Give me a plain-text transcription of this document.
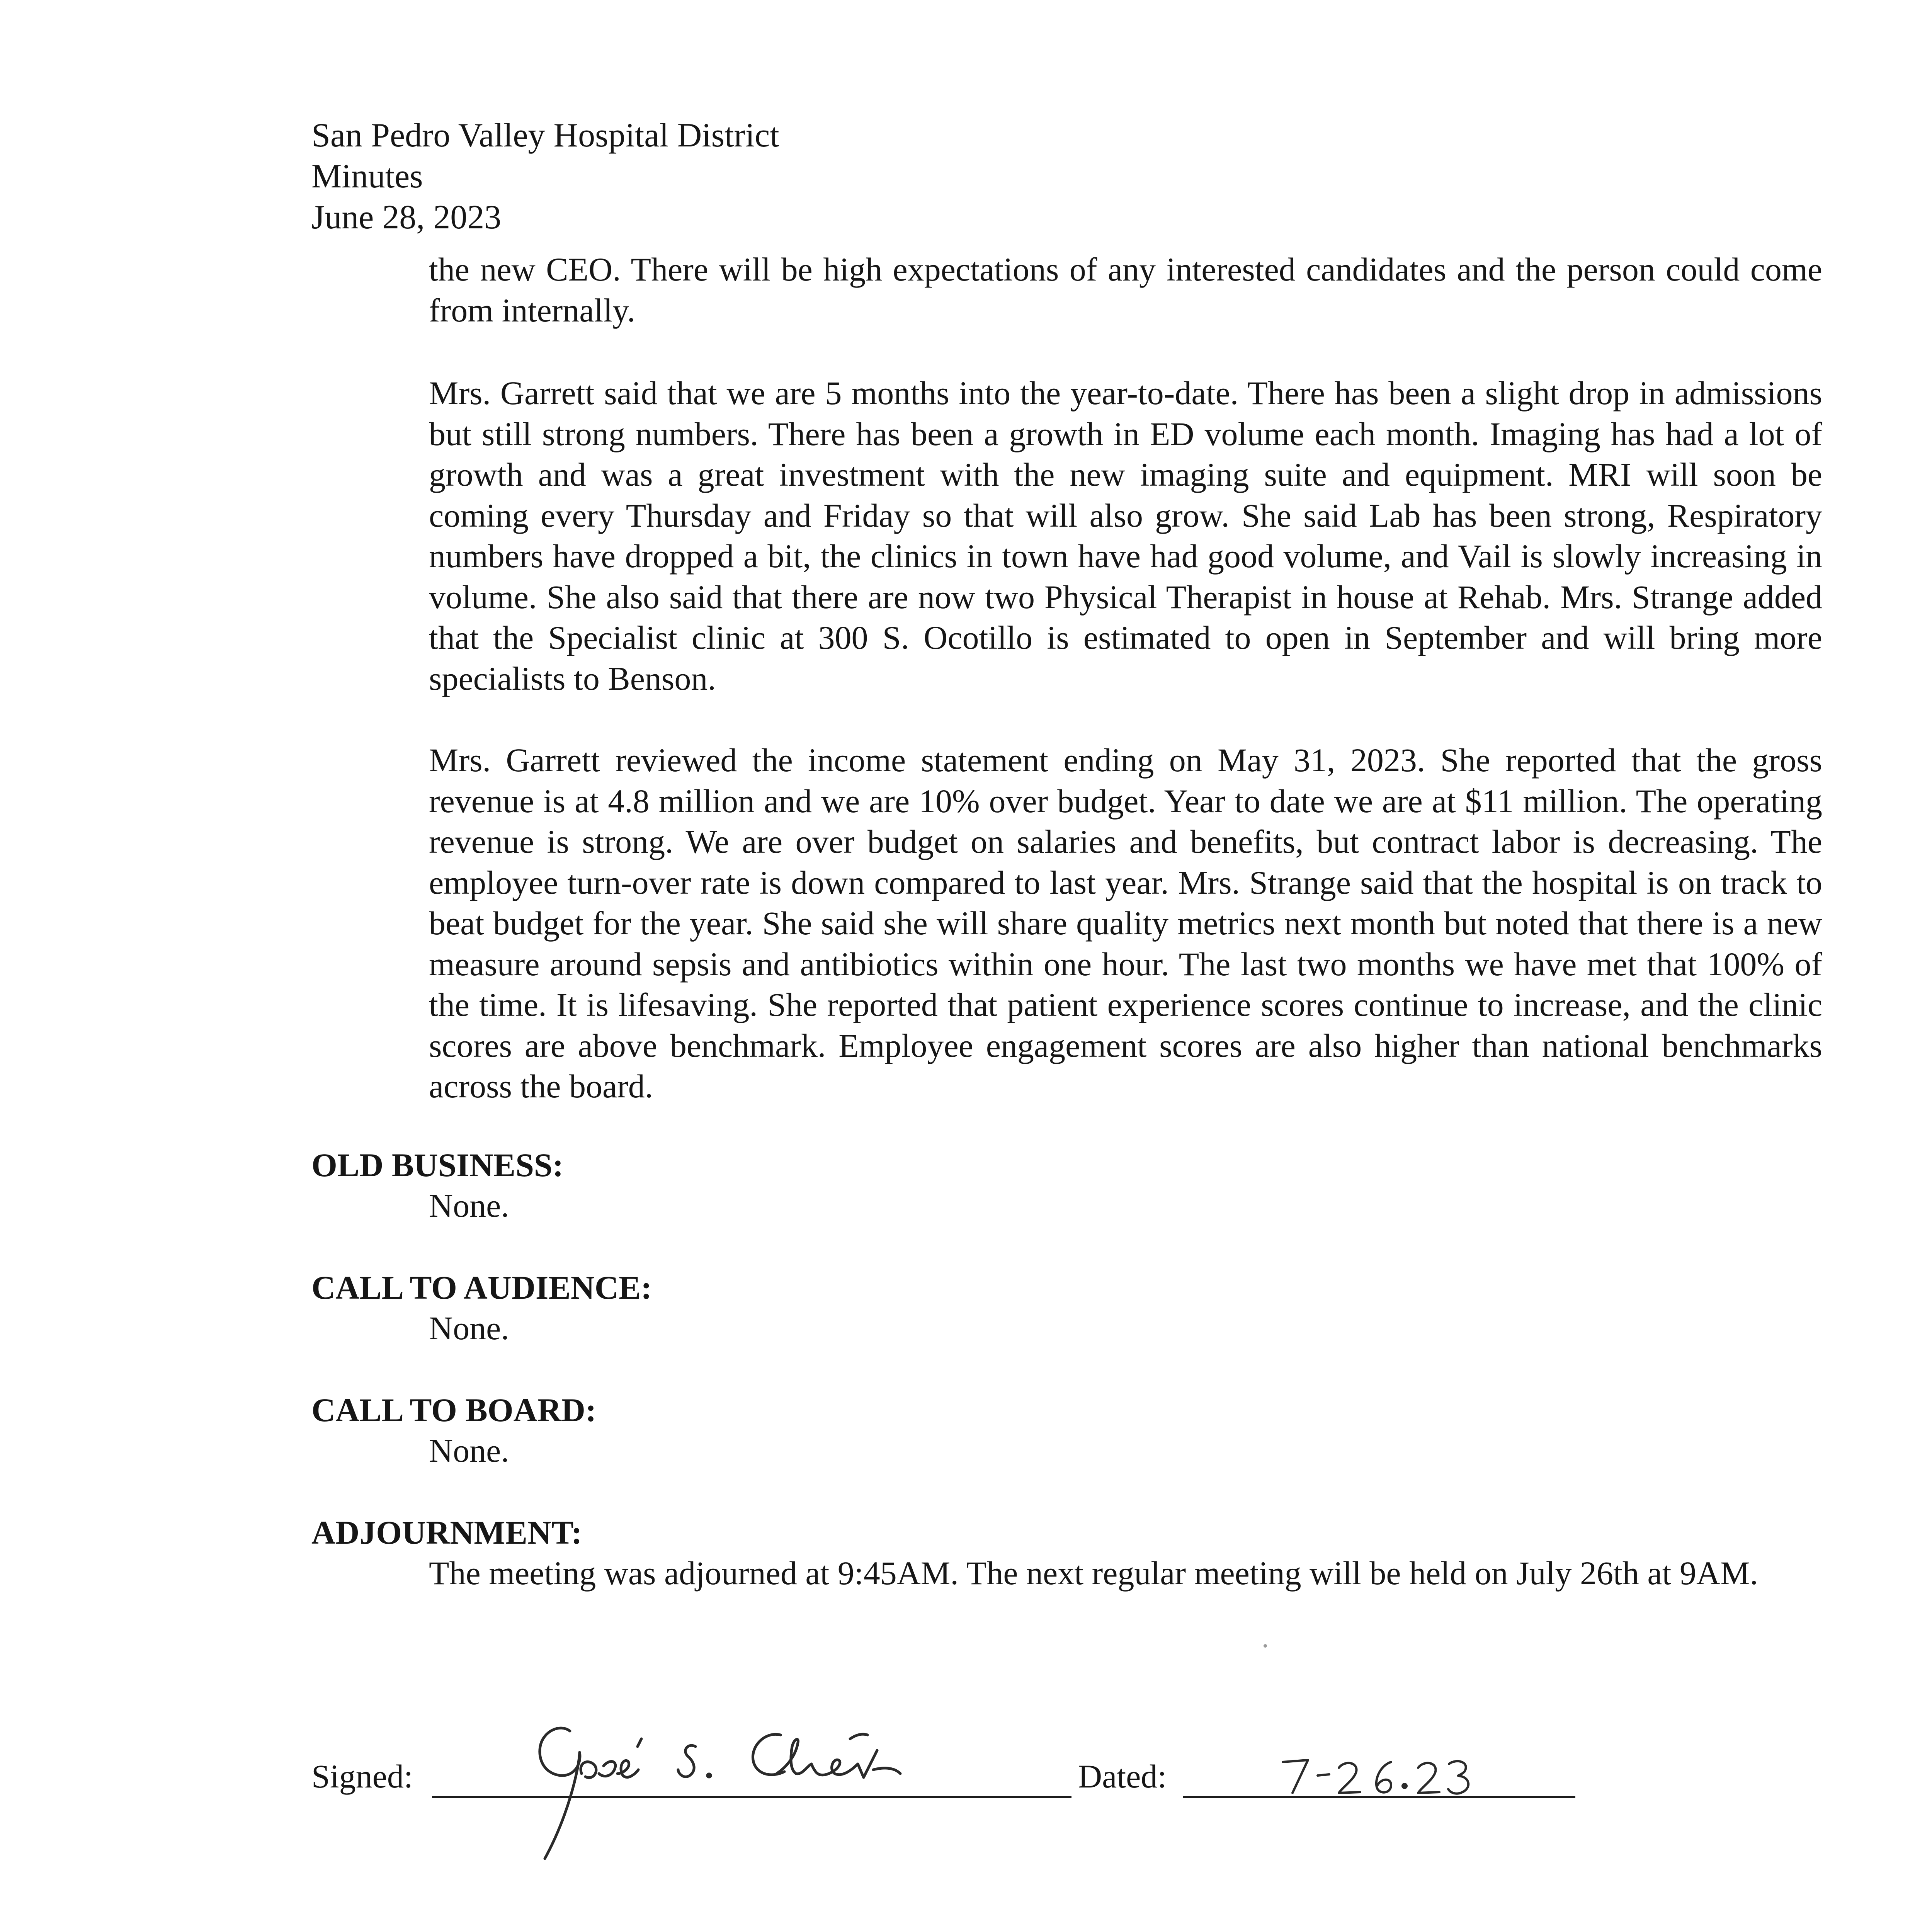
San Pedro Valley Hospital District
Minutes
June 28, 2023
the new CEO. There will be high expectations of any interested candidates and the person could come from internally.
Mrs. Garrett said that we are 5 months into the year-to-date. There has been a slight drop in admissions but still strong numbers. There has been a growth in ED volume each month. Imaging has had a lot of growth and was a great investment with the new imaging suite and equipment. MRI will soon be coming every Thursday and Friday so that will also grow. She said Lab has been strong, Respiratory numbers have dropped a bit, the clinics in town have had good volume, and Vail is slowly increasing in volume. She also said that there are now two Physical Therapist in house at Rehab. Mrs. Strange added that the Specialist clinic at 300 S. Ocotillo is estimated to open in September and will bring more specialists to Benson.
Mrs. Garrett reviewed the income statement ending on May 31, 2023. She reported that the gross revenue is at 4.8 million and we are 10% over budget. Year to date we are at $11 million. The operating revenue is strong. We are over budget on salaries and benefits, but contract labor is decreasing. The employee turn-over rate is down compared to last year. Mrs. Strange said that the hospital is on track to beat budget for the year. She said she will share quality metrics next month but noted that there is a new measure around sepsis and antibiotics within one hour. The last two months we have met that 100% of the time. It is lifesaving. She reported that patient experience scores continue to increase, and the clinic scores are above benchmark. Employee engagement scores are also higher than national benchmarks across the board.
OLD BUSINESS:
None.
CALL TO AUDIENCE:
None.
CALL TO BOARD:
None.
ADJOURNMENT:
The meeting was adjourned at 9:45AM. The next regular meeting will be held on July 26th at 9AM.
Signed:	Dated:
